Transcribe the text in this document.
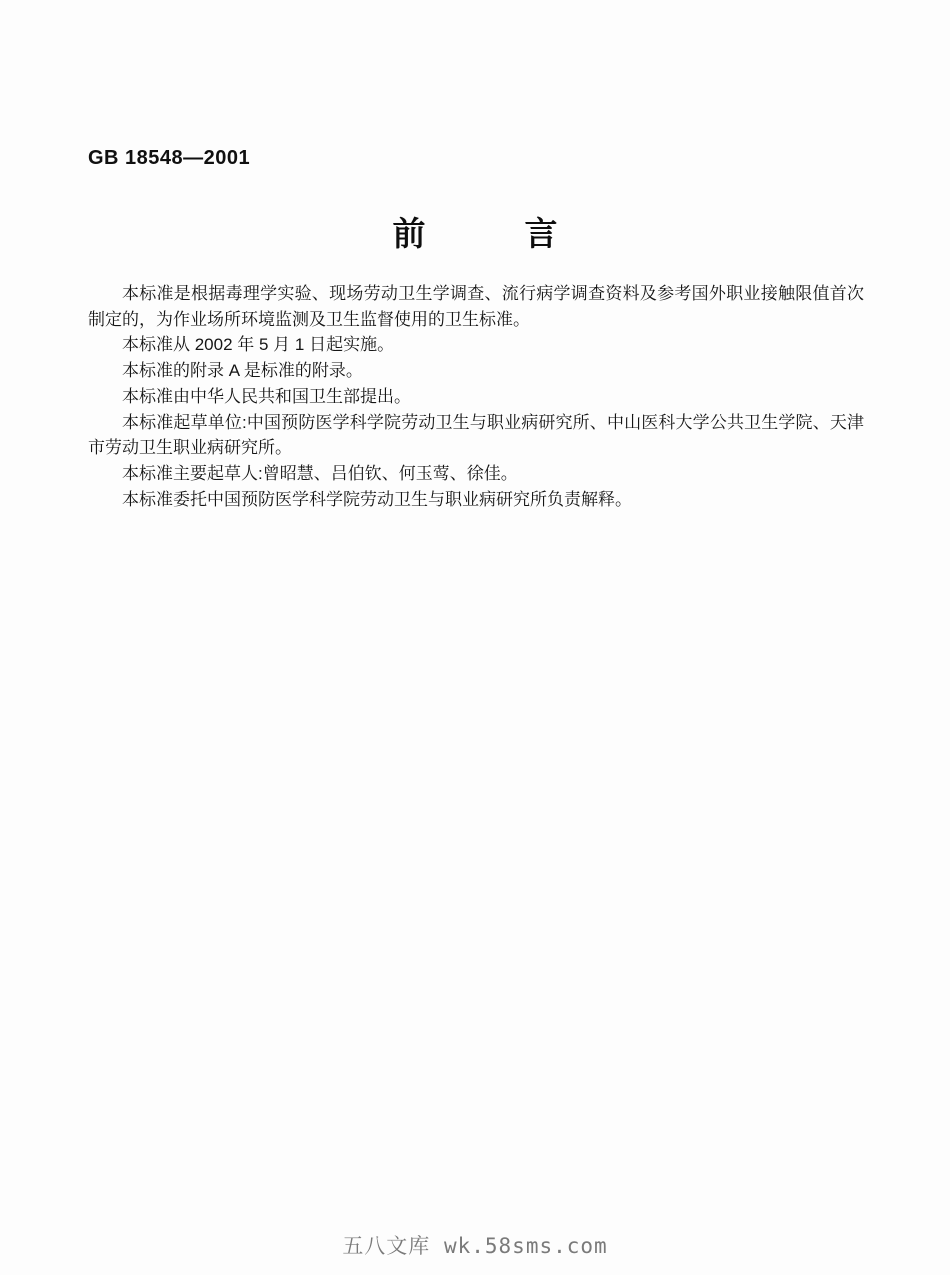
GB 18548—2001
前　　　言

本标准是根据毒理学实验、现场劳动卫生学调查、流行病学调查资料及参考国外职业接触限值首次制定的，为作业场所环境监测及卫生监督使用的卫生标准。

本标准从 2002 年 5 月 1 日起实施。

本标准的附录 A 是标准的附录。

本标准由中华人民共和国卫生部提出。

本标准起草单位:中国预防医学科学院劳动卫生与职业病研究所、中山医科大学公共卫生学院、天津市劳动卫生职业病研究所。

本标准主要起草人:曾昭慧、吕伯钦、何玉莺、徐佳。

本标准委托中国预防医学科学院劳动卫生与职业病研究所负责解释。

五八文库 wk.58sms.com
